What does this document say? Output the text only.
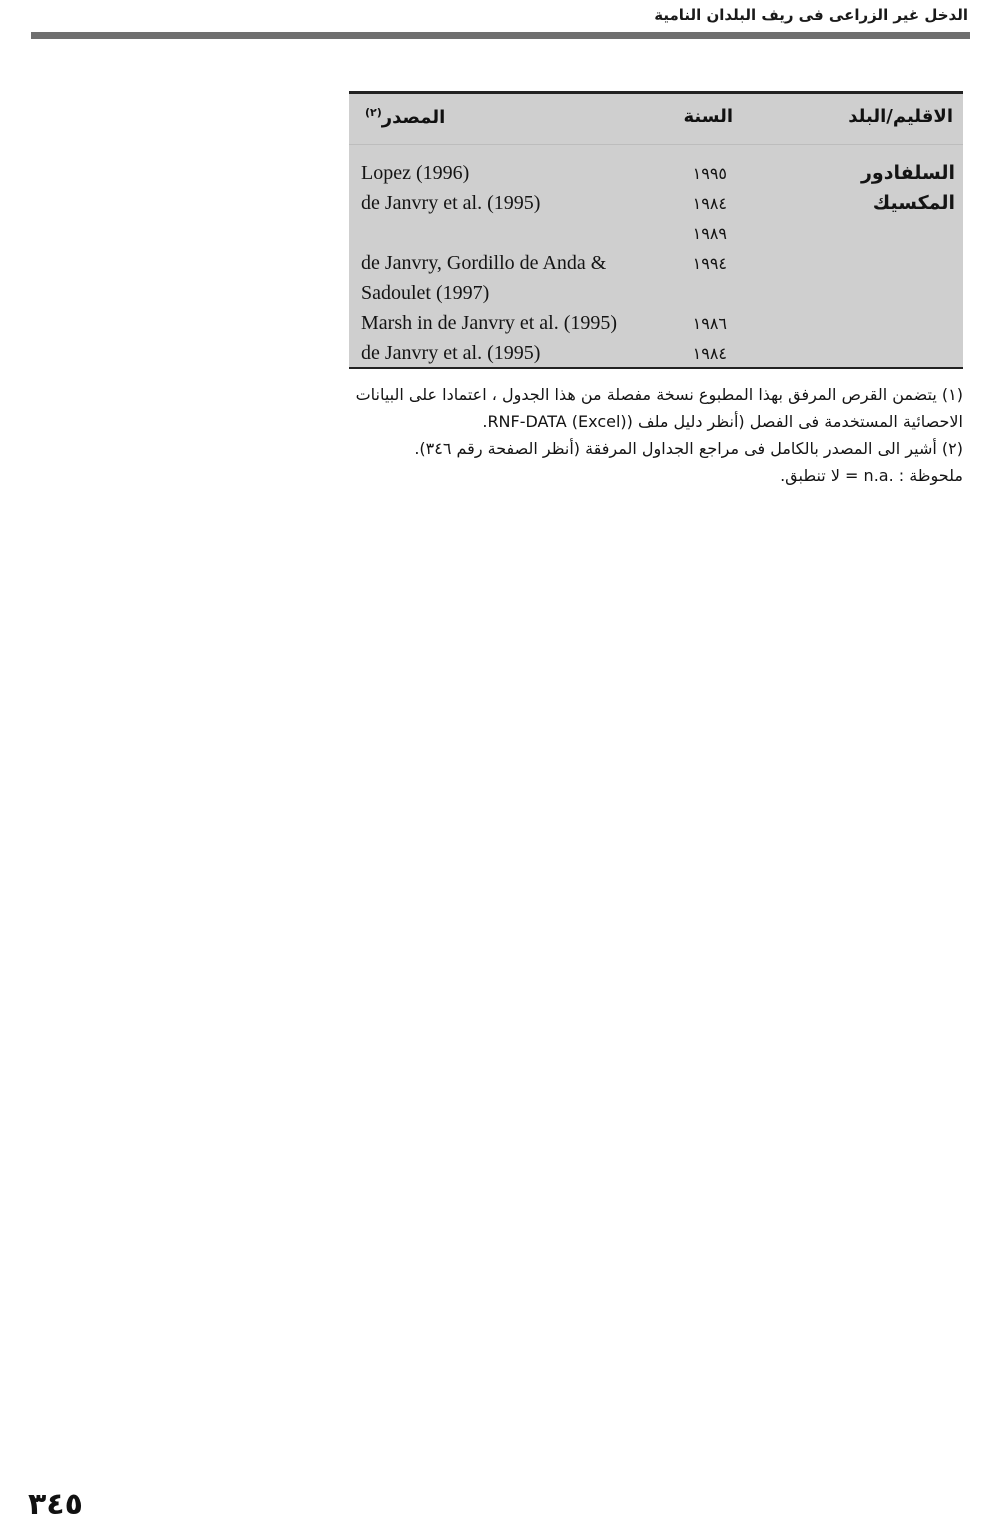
الدخل غير الزراعى فى ريف البلدان النامية
الاقليم/البلد
السنة
المصدر$^{(٢)}$
السلفادور
١٩٩٥
Lopez (1996)
المكسيك
١٩٨٤
de Janvry et al. (1995)
١٩٨٩
١٩٩٤
de Janvry, Gordillo de Anda &
Sadoulet (1997)
١٩٨٦
Marsh in de Janvry et al. (1995)
١٩٨٤
de Janvry et al. (1995)

(١) يتضمن القرص المرفق بهذا المطبوع نسخة مفصلة من هذا الجدول ، اعتمادا على البيانات

الاحصائية المستخدمة فى الفصل (أنظر دليل ملف (RNF-DATA (Excel).

(٢) أشير الى المصدر بالكامل فى مراجع الجداول المرفقة (أنظر الصفحة رقم ٣٤٦).

ملحوظة : .n.a = لا تنطبق.

٣٤٥
